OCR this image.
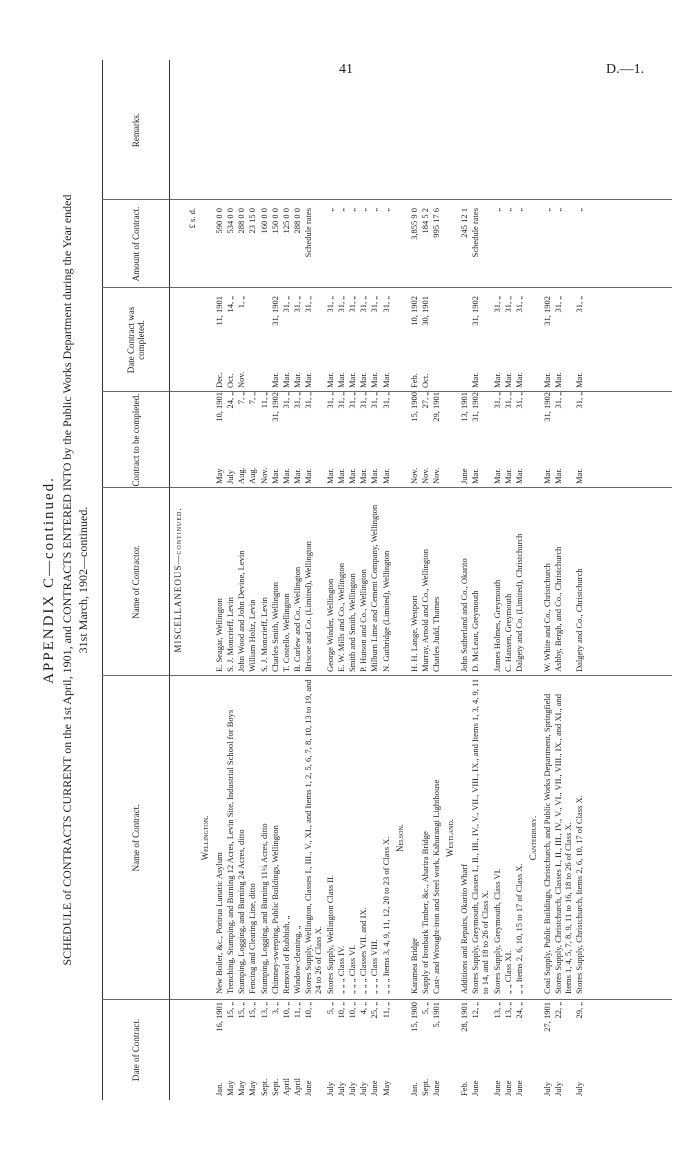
41	D.—1.
APPENDIX C—continued. SCHEDULE of CONTRACTS CURRENT on the 1st April, 1901, and CONTRACTS ENTERED INTO by the Public Works Department during the Year ended 31st March, 1902—continued.
Date of Contract.
Name of Contract.
Name of Contractor.
Contract to be completed.
Date Contract was completed.
Amount of Contract.
Remarks.
MISCELLANEOUS—continued.
£ s. d.
Wellington.
Jan.
16, 1901
New Boiler, &c., Porirua Lunatic Asylum
E. Seagar, Wellington
May
10, 1901
Dec.
11, 1901
590 0 0
May
15, „
Trenching, Stumping, and Burning 12 Acres, Levin Site, Industrial School for Boys
S. J. Moncrieff, Levin
July
24, „
Oct.
14, „
534 0 0
May
15, „
Stumping, Logging, and Burning 24 Acres, ditto
John Wood and John Devine, Levin
Aug.
7, „
Nov.
1, „
288 0 0
May
15, „
Fencing and Clearing Line, ditto
William Holtz, Levin
Aug.
7, „
23 15 0
Sept.
13, „
Stumping, Logging, and Burning 11¼ Acres, ditto
S. J. Moncrieff, Levin
Nov.
11, „
160 0 0
Sept.
3, „
Chimney-sweeping, Public Buildings, Wellington
Charles Smith, Wellington
Mar.
31, 1902
Mar.
31, 1902
150 0 0
April
10, „
Removal of Rubbish, „
T. Costello, Wellington
Mar.
31, „
Mar.
31, „
125 0 0
April
11, „
Window-cleaning, „
B. Curlew and Co., Wellington
Mar.
31, „
Mar.
31, „
288 0 0
June
10, „
Stores Supply, Wellington, Classes I., III., V., XI., and Items 1, 2, 5, 6, 7, 8, 10, 13 to 19, and 24 to 26 of Class X.
Briscoe and Co. (Limited), Wellington
Mar.
31, „
Mar.
31, „
Schedule rates
July
5, „
Stores Supply, Wellington Class II.
George Winder, Wellington
Mar.
31, „
Mar.
31, „
„
July
10, „
„ „ „ Class IV.
E. W. Mills and Co., Wellington
Mar.
31, „
Mar.
31, „
„
July
10, „
„ „ „ Class VI.
Smith and Smith, Wellington
Mar.
31, „
Mar.
31, „
„
July
4, „
„ „ „ Classes VII. and IX.
P. Hutson and Co., Wellington
Mar.
31, „
Mar.
31, „
„
June
25, „
„ „ „ Class VIII.
Milburn Lime and Cement Company, Wellington
Mar.
31, „
Mar.
31, „
„
May
11, „
„ „ „ Items 3, 4, 9, 11, 12, 20 to 23 of Class X.
N. Gutbridge (Limited), Wellington
Mar.
31, „
Mar.
31, „
„
Nelson.
Jan.
15, 1900
Karamea Bridge
H. H. Lange, Westport
Nov.
15, 1900
Feb.
10, 1902
3,855 9 0
Sept.
5, „
Supply of Ironbark Timber, &c., Aharira Bridge
Murray, Arnold and Co., Wellington
Nov.
27, „
Oct.
30, 1901
184 5 2
June
5, 1901
Cast- and Wrought-iron and Steel work, Kahurangi Lighthouse
Charles Judd, Thames
Nov.
29, 1901
995 17 6
Westland.
Feb.
28, 1901
Additions and Repairs, Okarito Wharf
John Sutherland and Co., Okarito
June
13, 1901
245 12 1
June
12, „
Stores Supply, Greymouth, Classes I., II., III., IV., V., VII., VIII., IX., and Items 1, 3, 4, 9, 11 to 14, and 18 to 26 of Class X.
D. McLean, Greymouth
Mar.
31, 1902
Mar.
31, 1902
Schedule rates
June
13, „
Stores Supply, Greymouth, Class VI.
James Holmes, Greymouth
Mar.
31, „
Mar.
31, „
„
June
13, „
„ „ Class XI.
C. Hansen, Greymouth
Mar.
31, „
Mar.
31, „
„
June
24, „
„ „ Items 2, 6, 10, 15 to 17 of Class X.
Dalgety and Co. (Limited), Christchurch
Mar.
31, „
Mar.
31, „
„
Canterbury.
July
27, 1901
Coal Supply, Public Buildings, Christchurch, and Public Works Department, Springfield
W. White and Co., Christchurch
Mar.
31, 1902
Mar.
31, 1902
„
July
22, „
Stores Supply, Christchurch, Classes I., II., III., IV., V., VI., VII., VIII., IX., and XI., and Items 1, 4, 5, 7, 8, 9, 11 to 16, 18 to 26 of Class X.
Ashby, Bergh, and Co., Christchurch
Mar.
31, „
Mar.
31, „
„
July
29, „
Stores Supply, Christchurch, Items 2, 6, 10, 17 of Class X.
Dalgety and Co., Christchurch
Mar.
31, „
Mar.
31, „
„
